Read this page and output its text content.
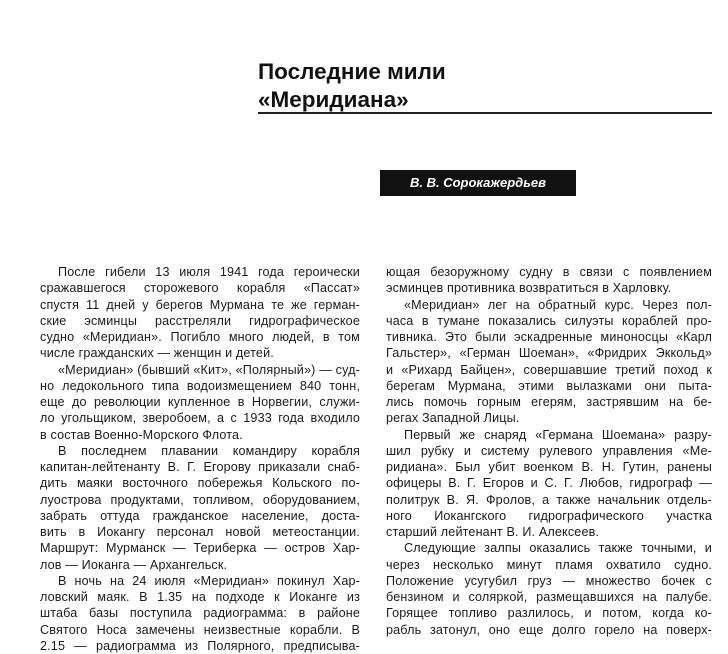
Последние мили
«Меридиана»
В. В. Сорокажердьев
После гибели 13 июля 1941 года героически
сражавшегося сторожевого корабля «Пассат»
спустя 11 дней у берегов Мурмана те же герман-
ские эсминцы расстреляли гидрографическое
судно «Меридиан». Погибло много людей, в том
числе гражданских — женщин и детей.
«Меридиан» (бывший «Кит», «Полярный») — суд-
но ледокольного типа водоизмещением 840 тонн,
еще до революции купленное в Норвегии, служи-
ло угольщиком, зверобоем, а с 1933 года входило
в состав Военно-Морского Флота.
В последнем плавании командиру корабля
капитан-лейтенанту В. Г. Егорову приказали снаб-
дить маяки восточного побережья Кольского по-
луострова продуктами, топливом, оборудованием,
забрать оттуда гражданское население, доста-
вить в Иокангу персонал новой метеостанции.
Маршрут: Мурманск — Териберка — остров Хар-
лов — Иоканга — Архангельск.
В ночь на 24 июля «Меридиан» покинул Хар-
ловский маяк. В 1.35 на подходе к Иоканге из
штаба базы поступила радиограмма: в районе
Святого Носа замечены неизвестные корабли. В
2.15 — радиограмма из Полярного, предписыва-
ющая безоружному судну в связи с появлением
эсминцев противника возвратиться в Харловку.
«Меридиан» лег на обратный курс. Через пол-
часа в тумане показались силуэты кораблей про-
тивника. Это были эскадренные миноносцы «Карл
Гальстер», «Герман Шоеман», «Фридрих Эккольд»
и «Рихард Байцен», совершавшие третий поход к
берегам Мурмана, этими вылазками они пыта-
лись помочь горным егерям, застрявшим на бе-
регах Западной Лицы.
Первый же снаряд «Германа Шоемана» разру-
шил рубку и систему рулевого управления «Ме-
ридиана». Был убит военком В. Н. Гутин, ранены
офицеры В. Г. Егоров и С. Г. Любов, гидрограф —
политрук В. Я. Фролов, а также начальник отдель-
ного Иокангского гидрографического участка
старший лейтенант В. И. Алексеев.
Следующие залпы оказались также точными, и
через несколько минут пламя охватило судно.
Положение усугубил груз — множество бочек с
бензином и соляркой, размещавшихся на палубе.
Горящее топливо разлилось, и потом, когда ко-
рабль затонул, оно еще долго горело на поверх-
